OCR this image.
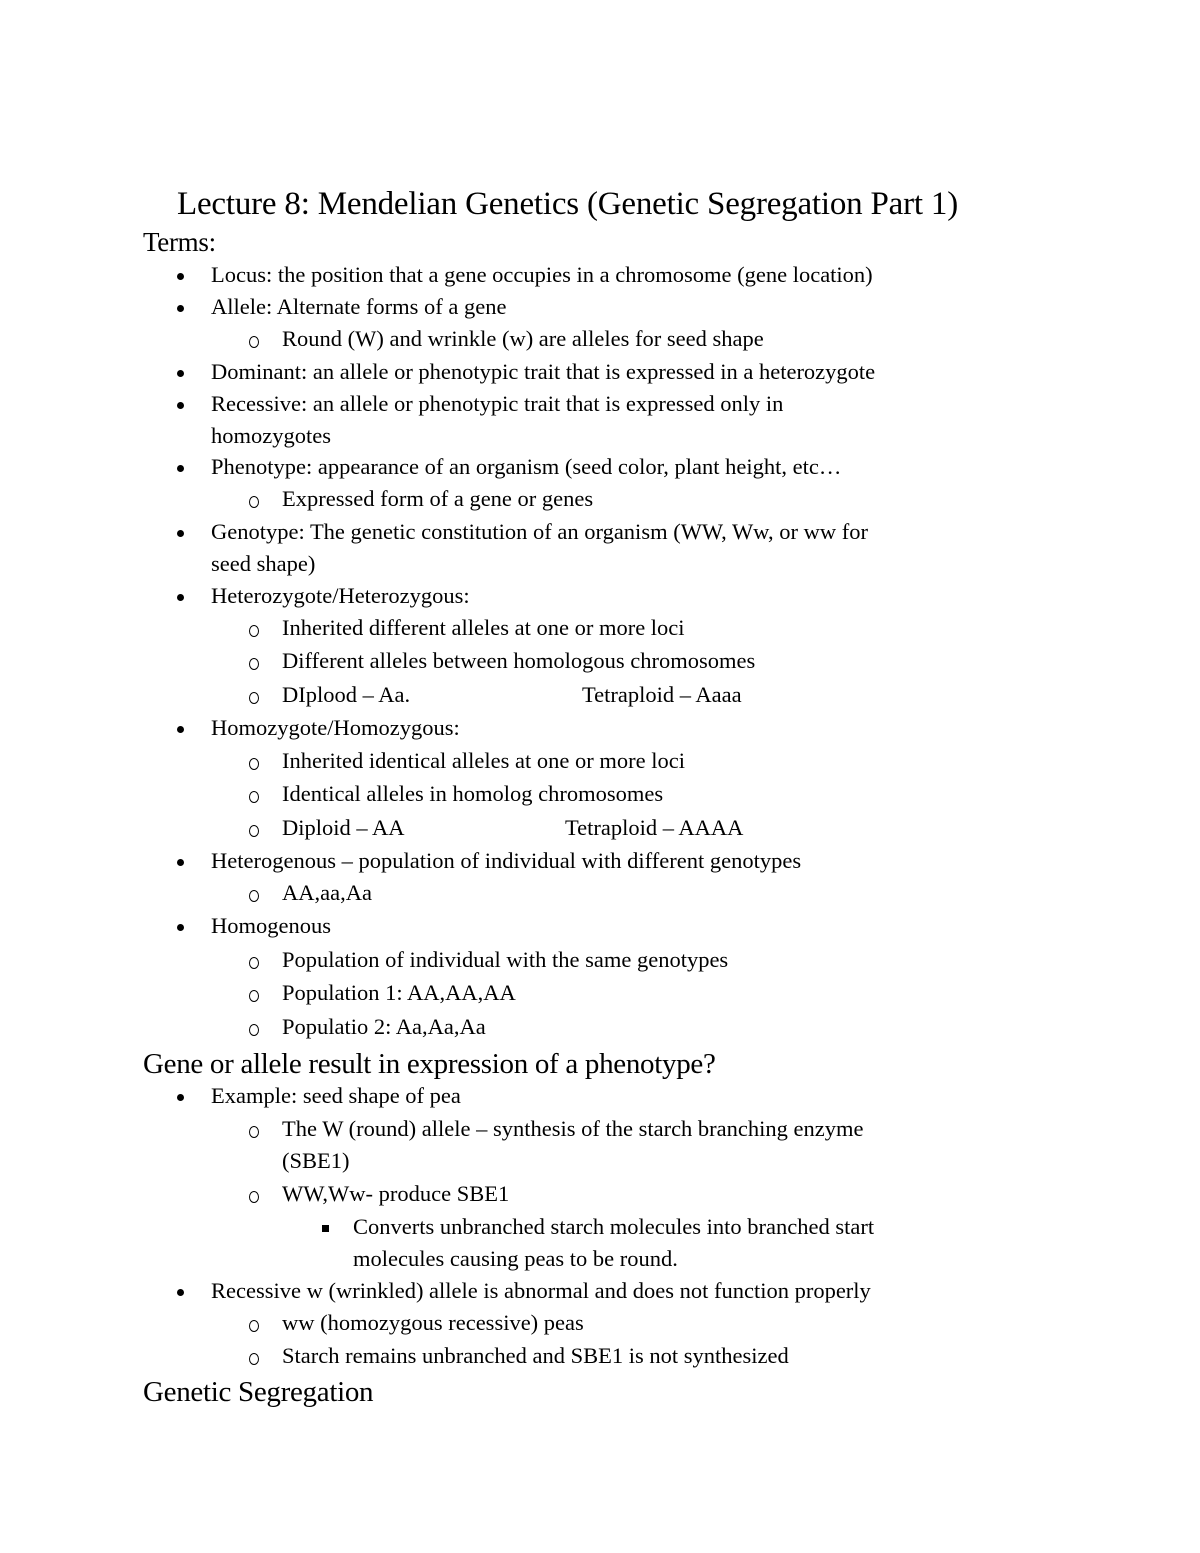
Lecture 8: Mendelian Genetics (Genetic Segregation Part 1)
Terms:
Locus: the position that a gene occupies in a chromosome (gene location)
Allele: Alternate forms of a gene
Round (W) and wrinkle (w) are alleles for seed shape
Dominant: an allele or phenotypic trait that is expressed in a heterozygote
Recessive: an allele or phenotypic trait that is expressed only in
homozygotes
Phenotype: appearance of an organism (seed color, plant height, etc…
Expressed form of a gene or genes
Genotype: The genetic constitution of an organism (WW, Ww, or ww for
seed shape)
Heterozygote/Heterozygous:
Inherited different alleles at one or more loci
Different alleles between homologous chromosomes
DIplood – Aa.	Tetraploid – Aaaa
Homozygote/Homozygous:
Inherited identical alleles at one or more loci
Identical alleles in homolog chromosomes
Diploid – AA	Tetraploid – AAAA
Heterogenous – population of individual with different genotypes
AA,aa,Aa
Homogenous
Population of individual with the same genotypes
Population 1: AA,AA,AA
Populatio 2: Aa,Aa,Aa
Gene or allele result in expression of a phenotype?
Example: seed shape of pea
The W (round) allele – synthesis of the starch branching enzyme
(SBE1)
WW,Ww- produce SBE1
Converts unbranched starch molecules into branched start
molecules causing peas to be round.
Recessive w (wrinkled) allele is abnormal and does not function properly
ww (homozygous recessive) peas
Starch remains unbranched and SBE1 is not synthesized
Genetic Segregation
